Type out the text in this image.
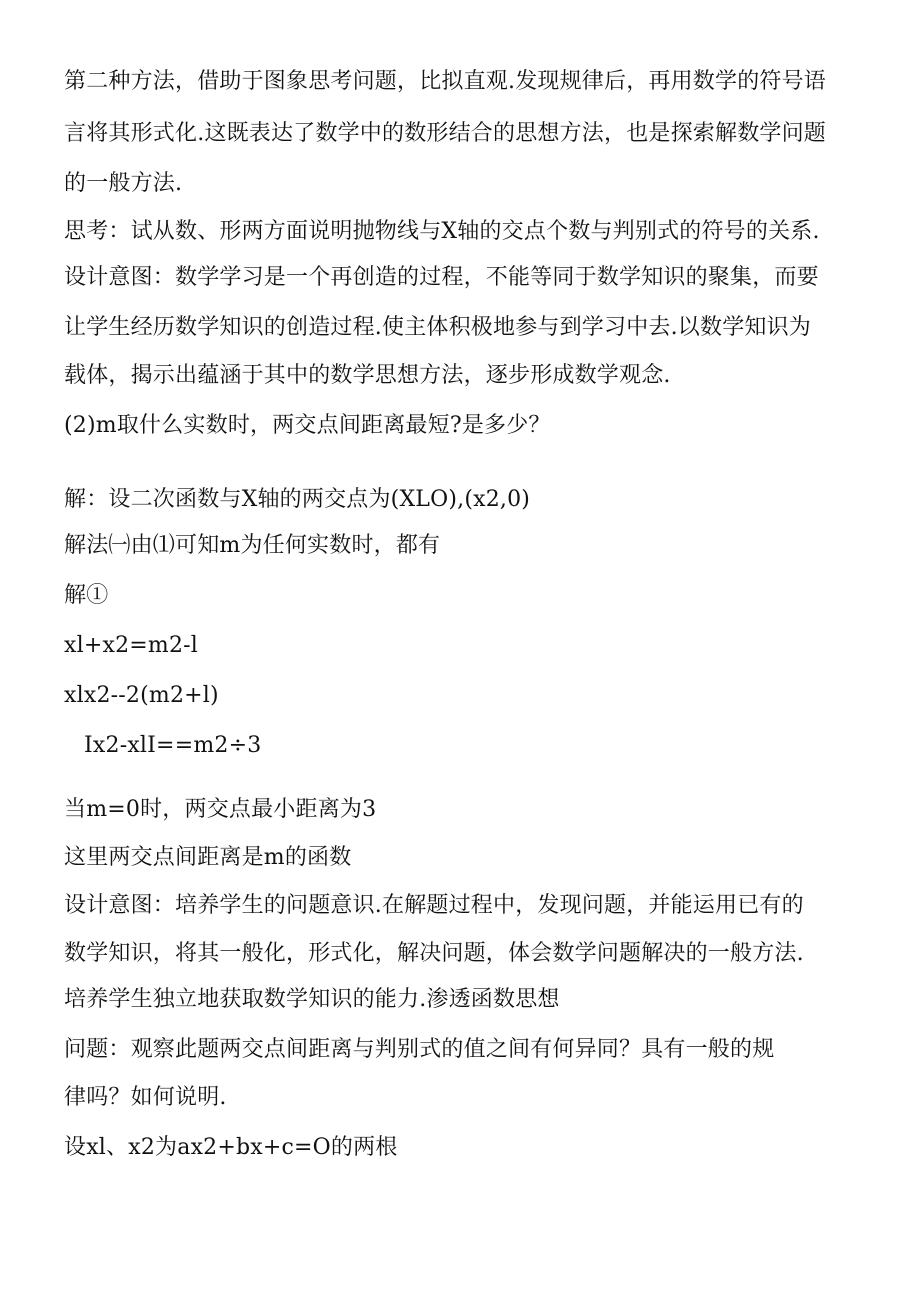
第二种方法，借助于图象思考问题，比拟直观.发现规律后，再用数学的符号语

言将其形式化.这既表达了数学中的数形结合的思想方法，也是探索解数学问题

的一般方法.

思考：试从数、形两方面说明抛物线与X轴的交点个数与判别式的符号的关系.

设计意图：数学学习是一个再创造的过程，不能等同于数学知识的聚集，而要

让学生经历数学知识的创造过程.使主体积极地参与到学习中去.以数学知识为

载体，揭示出蕴涵于其中的数学思想方法，逐步形成数学观念.

(2)m取什么实数时，两交点间距离最短?是多少？

解：设二次函数与X轴的两交点为(XLO),(x2,0)

解法㈠由⑴可知m为任何实数时，都有

解①

xl+x2=m2-l

xlx2--2(m2+l)

Ix2-xlI==m2÷3

当m=0时，两交点最小距离为3

这里两交点间距离是m的函数

设计意图：培养学生的问题意识.在解题过程中，发现问题，并能运用已有的

数学知识，将其一般化，形式化，解决问题，体会数学问题解决的一般方法.

培养学生独立地获取数学知识的能力.渗透函数思想

问题：观察此题两交点间距离与判别式的值之间有何异同？具有一般的规

律吗？如何说明.

设xl、x2为ax2+bx+c=O的两根
